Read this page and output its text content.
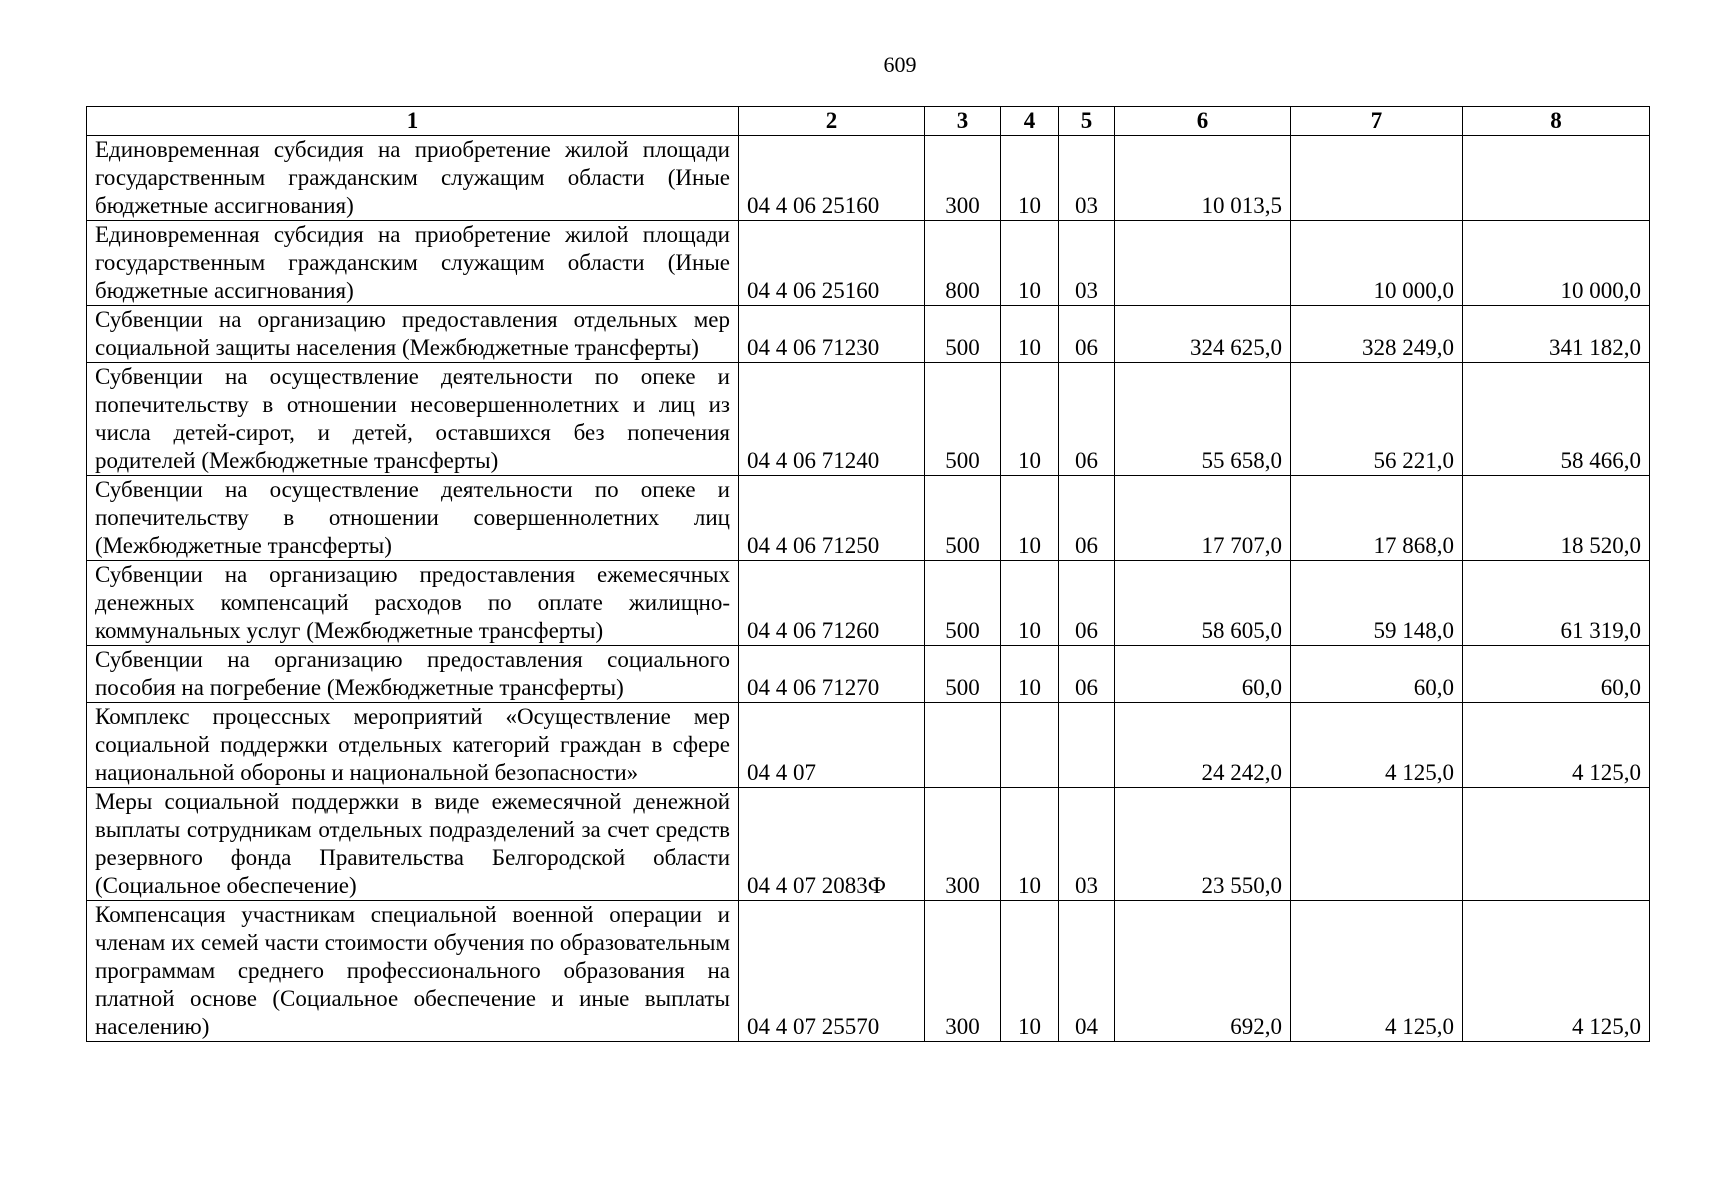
609
1	2	3	4	5	6	7	8
Единовременная субсидия на приобретение жилой площади государственным гражданским служащим области (Иные бюджетные ассигнования)	04 4 06 25160	300	10	03	10 013,5		
Единовременная субсидия на приобретение жилой площади государственным гражданским служащим области (Иные бюджетные ассигнования)	04 4 06 25160	800	10	03		10 000,0	10 000,0
Субвенции на организацию предоставления отдельных мер социальной защиты населения (Межбюджетные трансферты)	04 4 06 71230	500	10	06	324 625,0	328 249,0	341 182,0
Субвенции на осуществление деятельности по опеке и попечительству в отношении несовершеннолетних и лиц из числа детей-сирот, и детей, оставшихся без попечения родителей (Межбюджетные трансферты)	04 4 06 71240	500	10	06	55 658,0	56 221,0	58 466,0
Субвенции на осуществление деятельности по опеке и попечительству в отношении совершеннолетних лиц (Межбюджетные трансферты)	04 4 06 71250	500	10	06	17 707,0	17 868,0	18 520,0
Субвенции на организацию предоставления ежемесячных денежных компенсаций расходов по оплате жилищно-коммунальных услуг (Межбюджетные трансферты)	04 4 06 71260	500	10	06	58 605,0	59 148,0	61 319,0
Субвенции на организацию предоставления социального пособия на погребение (Межбюджетные трансферты)	04 4 06 71270	500	10	06	60,0	60,0	60,0
Комплекс процессных мероприятий «Осуществление мер социальной поддержки отдельных категорий граждан в сфере национальной обороны и национальной безопасности»	04 4 07				24 242,0	4 125,0	4 125,0
Меры социальной поддержки в виде ежемесячной денежной выплаты сотрудникам отдельных подразделений за счет средств резервного фонда Правительства Белгородской области (Социальное обеспечение)	04 4 07 2083Ф	300	10	03	23 550,0		
Компенсация участникам специальной военной операции и членам их семей части стоимости обучения по образовательным программам среднего профессионального образования на платной основе (Социальное обеспечение и иные выплаты населению)	04 4 07 25570	300	10	04	692,0	4 125,0	4 125,0
